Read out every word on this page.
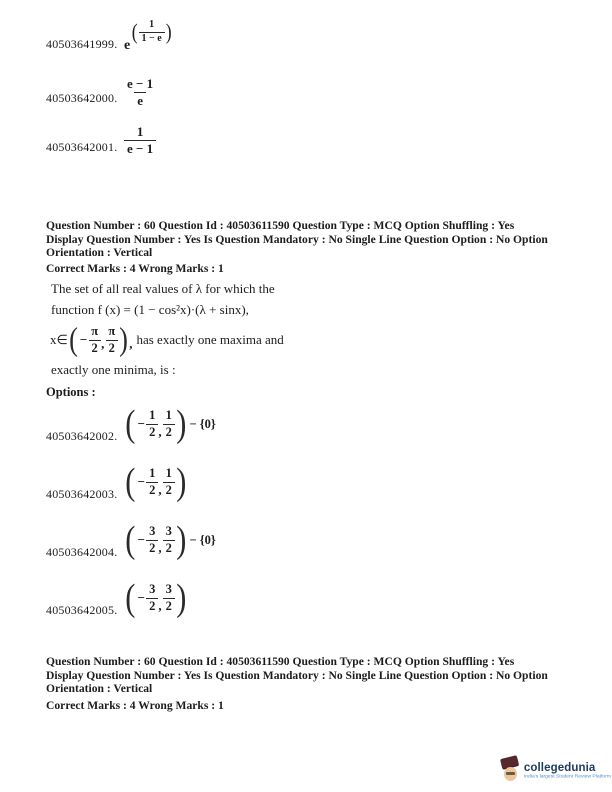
40503641999. e
( $\frac{1}{1 - e}$ )
40503642000. $\frac{e - 1}{e}$
40503642001. $\frac{1}{e - 1}$
Question Number : 60 Question Id : 40503611590 Question Type : MCQ Option Shuffling : Yes
Display Question Number : Yes Is Question Mandatory : No Single Line Question Option : No Option
Orientation : Vertical
Correct Marks : 4 Wrong Marks : 1
The set of all real values of λ for which the
function f (x) = (1 − cos²x)·(λ + sinx),
x∈ ( − $\frac{\pi}{2}$ , $\frac{\pi}{2}$ ) , has exactly one maxima and
exactly one minima, is :
Options :
40503642002. ( − $\frac{1}{2}$ , $\frac{1}{2}$ ) − {0}
40503642003. ( − $\frac{1}{2}$ , $\frac{1}{2}$ )
40503642004. ( − $\frac{3}{2}$ , $\frac{3}{2}$ ) − {0}
40503642005. ( − $\frac{3}{2}$ , $\frac{3}{2}$ )
Question Number : 60 Question Id : 40503611590 Question Type : MCQ Option Shuffling : Yes
Display Question Number : Yes Is Question Mandatory : No Single Line Question Option : No Option
Orientation : Vertical
Correct Marks : 4 Wrong Marks : 1
collegedunia
India's largest Student Review Platform
